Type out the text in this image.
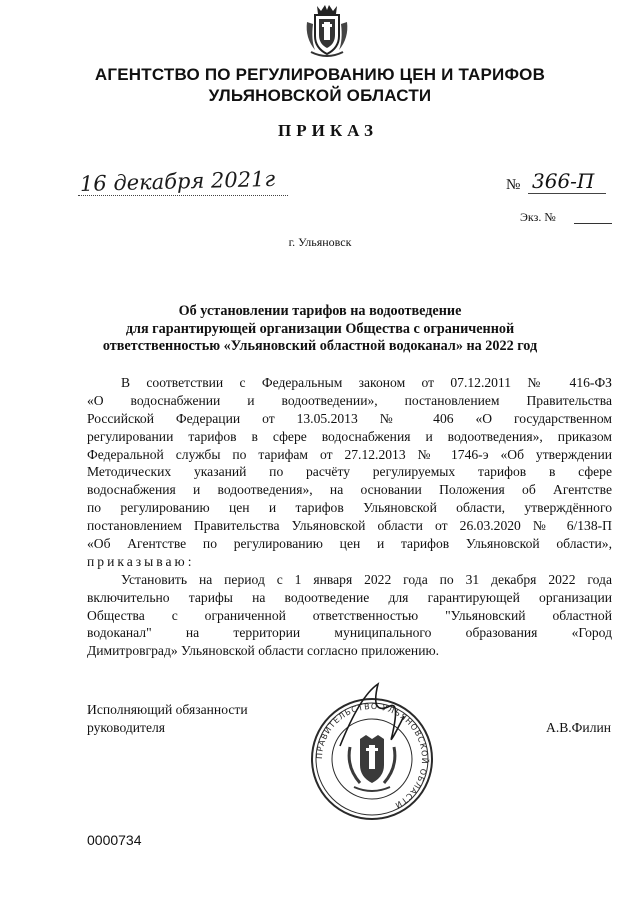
АГЕНТСТВО ПО РЕГУЛИРОВАНИЮ ЦЕН И ТАРИФОВ
УЛЬЯНОВСКОЙ ОБЛАСТИ
ПРИКАЗ
16 декабря 2021г	№ 366-П
Экз. №
г. Ульяновск
Об установлении тарифов на водоотведение
для гарантирующей организации Общества с ограниченной
ответственностью «Ульяновский областной водоканал» на 2022 год
В соответствии с Федеральным законом от 07.12.2011 № 416-ФЗ
«О водоснабжении и водоотведении», постановлением Правительства
Российской Федерации от 13.05.2013 № 406 «О государственном
регулировании тарифов в сфере водоснабжения и водоотведения», приказом
Федеральной службы по тарифам от 27.12.2013 № 1746-э «Об утверждении
Методических указаний по расчёту регулируемых тарифов в сфере
водоснабжения и водоотведения», на основании Положения об Агентстве
по регулированию цен и тарифов Ульяновской области, утверждённого
постановлением Правительства Ульяновской области от 26.03.2020 № 6/138-П
«Об Агентстве по регулированию цен и тарифов Ульяновской области»,
приказываю:
Установить на период с 1 января 2022 года по 31 декабря 2022 года
включительно тарифы на водоотведение для гарантирующей организации
Общества с ограниченной ответственностью "Ульяновский областной
водоканал" на территории муниципального образования «Город
Димитровград» Ульяновской области согласно приложению.
Исполняющий обязанности
руководителя
ПРАВИТЕЛЬСТВО УЛЬЯНОВСКОЙ ОБЛАСТИ
А.В.Филин
0000734
